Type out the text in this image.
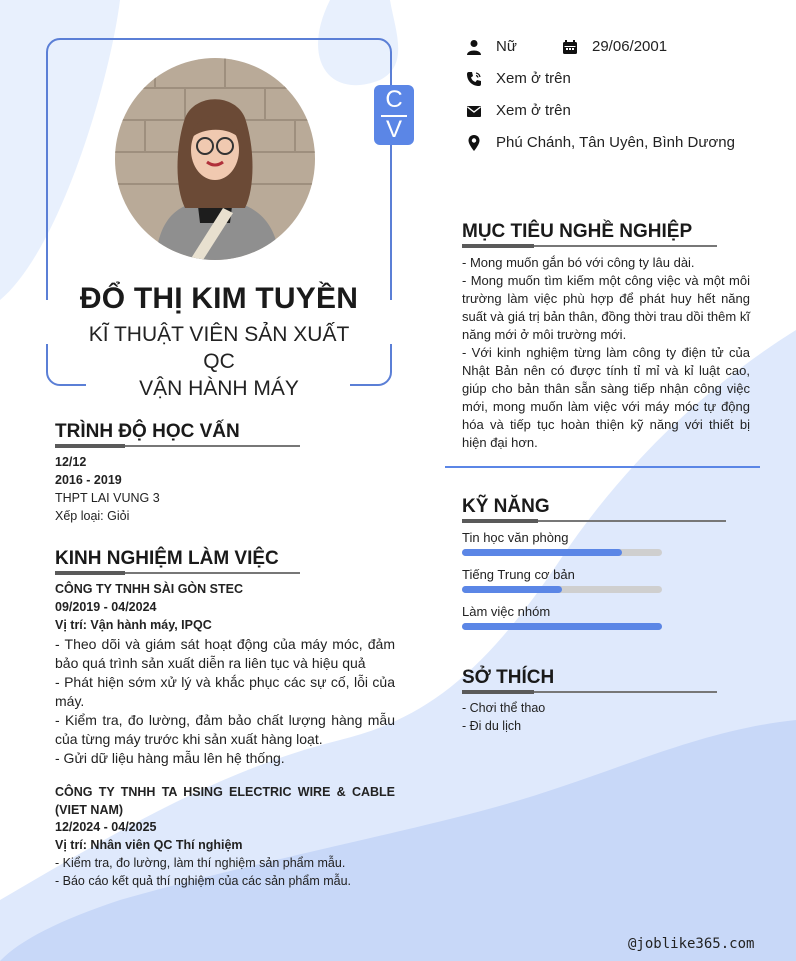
C
V
ĐỔ THỊ KIM TUYỀN
KĨ THUẬT VIÊN SẢN XUẤT
QC
VẬN HÀNH MÁY
Nữ	29/06/2001
Xem ở trên
Xem ở trên
Phú Chánh, Tân Uyên, Bình Dương
MỤC TIÊU NGHỀ NGHIỆP
- Mong muốn gắn bó với công ty lâu dài.
- Mong muốn tìm kiếm một công việc và một môi trường làm việc phù hợp để phát huy hết năng suất và giá trị bản thân, đồng thời trau dồi thêm kĩ năng mới ở môi trường mới.
- Với kinh nghiệm từng làm công ty điện tử của Nhật Bản nên có được tính tỉ mỉ và kỉ luật cao, giúp cho bản thân sẵn sàng tiếp nhận công việc mới, mong muốn làm việc với máy móc tự động hóa và tiếp tục hoàn thiện kỹ năng với thiết bị hiện đại hơn.
KỸ NĂNG
Tin học văn phòng
Tiếng Trung cơ bản
Làm việc nhóm
SỞ THÍCH
- Chơi thể thao
- Đi du lịch
TRÌNH ĐỘ HỌC VẤN
12/12
2016 - 2019
THPT LAI VUNG 3
Xếp loại: Giỏi
KINH NGHIỆM LÀM VIỆC
CÔNG TY TNHH SÀI GÒN STEC
09/2019 - 04/2024
Vị trí: Vận hành máy, IPQC
- Theo dõi và giám sát hoạt động của máy móc, đảm bảo quá trình sản xuất diễn ra liên tục và hiệu quả
- Phát hiện sớm xử lý và khắc phục các sự cố, lỗi của máy.
- Kiểm tra, đo lường, đảm bảo chất lượng hàng mẫu của từng máy trước khi sản xuất hàng loạt.
- Gửi dữ liệu hàng mẫu lên hệ thống.
CÔNG TY TNHH TA HSING ELECTRIC WIRE & CABLE (VIET NAM)
12/2024 - 04/2025
Vị trí: Nhân viên QC Thí nghiệm
- Kiểm tra, đo lường, làm thí nghiệm sản phẩm mẫu.
- Báo cáo kết quả thí nghiệm của các sản phẩm mẫu.
@joblike365.com
